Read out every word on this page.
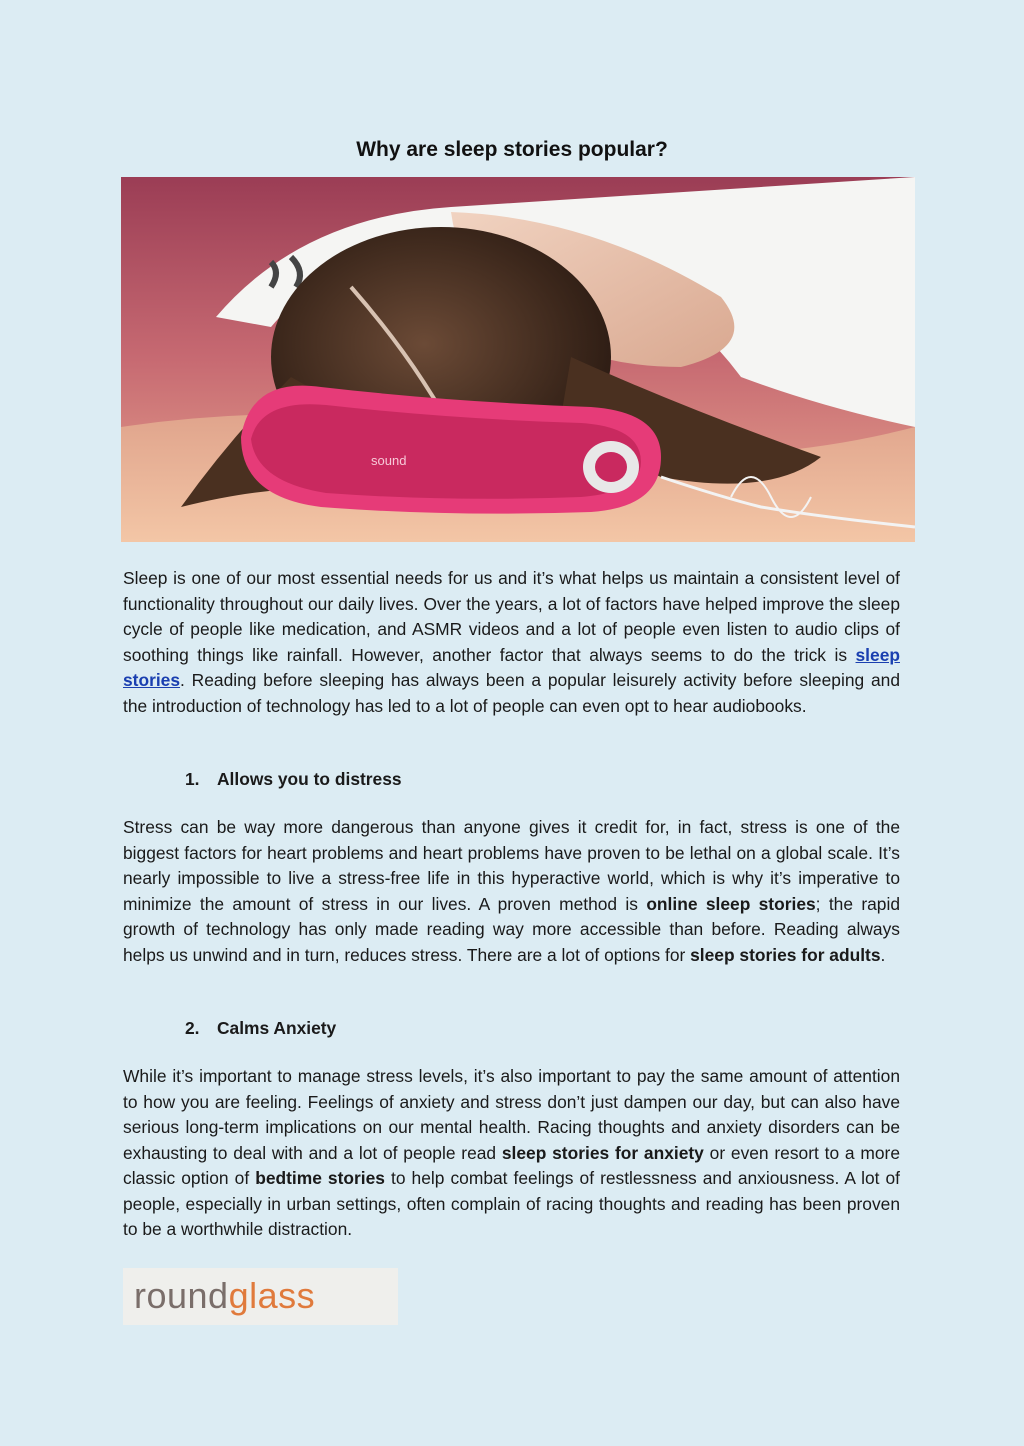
Why are sleep stories popular?
sound

Sleep is one of our most essential needs for us and it’s what helps us maintain a consistent level of functionality throughout our daily lives. Over the years, a lot of factors have helped improve the sleep cycle of people like medication, and ASMR videos and a lot of people even listen to audio clips of soothing things like rainfall. However, another factor that always seems to do the trick is sleep stories. Reading before sleeping has always been a popular leisurely activity before sleeping and the introduction of technology has led to a lot of people can even opt to hear audiobooks.

1. Allows you to distress

Stress can be way more dangerous than anyone gives it credit for, in fact, stress is one of the biggest factors for heart problems and heart problems have proven to be lethal on a global scale. It’s nearly impossible to live a stress-free life in this hyperactive world, which is why it’s imperative to minimize the amount of stress in our lives. A proven method is online sleep stories; the rapid growth of technology has only made reading way more accessible than before. Reading always helps us unwind and in turn, reduces stress. There are a lot of options for sleep stories for adults.

2. Calms Anxiety

While it’s important to manage stress levels, it’s also important to pay the same amount of attention to how you are feeling. Feelings of anxiety and stress don’t just dampen our day, but can also have serious long-term implications on our mental health. Racing thoughts and anxiety disorders can be exhausting to deal with and a lot of people read sleep stories for anxiety or even resort to a more classic option of bedtime stories to help combat feelings of restlessness and anxiousness. A lot of people, especially in urban settings, often complain of racing thoughts and reading has been proven to be a worthwhile distraction.

roundglass
